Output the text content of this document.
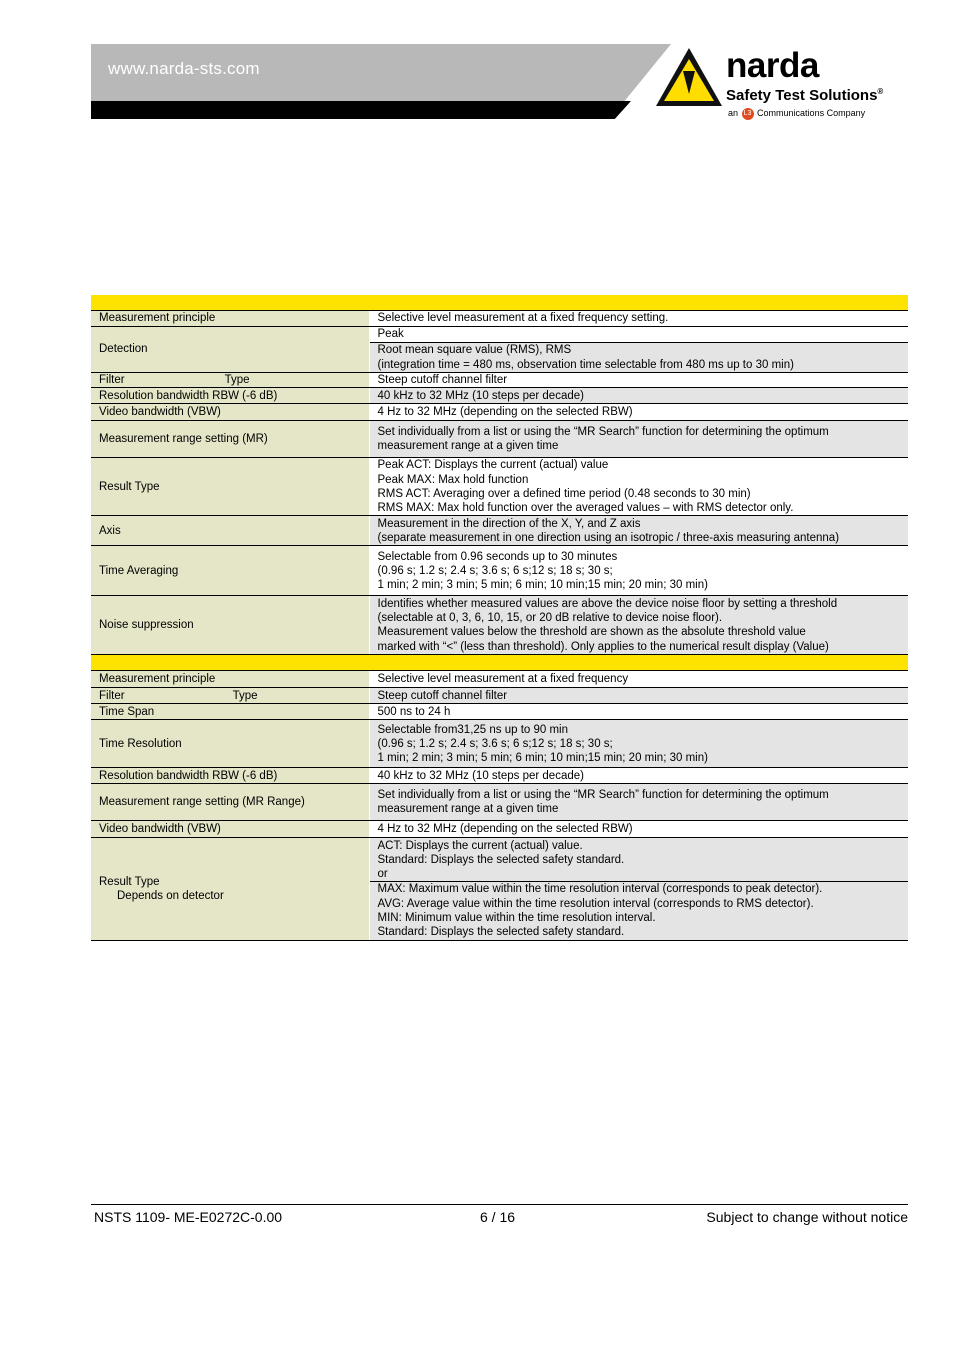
www.narda-sts.com	narda
Safety Test Solutions®
an L3 Communications Company

Measurement principle	Selective level measurement at a fixed frequency setting.

Detection	Peak

	Root mean square value (RMS), RMS
(integration time = 480 ms, observation time selectable from 480 ms up to 30 min)

Filter Type	Steep cutoff channel filter

Resolution bandwidth RBW (-6 dB)	40 kHz to 32 MHz (10 steps per decade)

Video bandwidth (VBW)	4 Hz to 32 MHz (depending on the selected RBW)

Measurement range setting (MR)	Set individually from a list or using the “MR Search” function for determining the optimum
measurement range at a given time

Result Type	Peak ACT: Displays the current (actual) value
Peak MAX: Max hold function
RMS ACT: Averaging over a defined time period (0.48 seconds to 30 min)
RMS MAX: Max hold function over the averaged values – with RMS detector only.

Axis	Measurement in the direction of the X, Y, and Z axis
(separate measurement in one direction using an isotropic / three-axis measuring antenna)

Time Averaging	Selectable from 0.96 seconds up to 30 minutes
(0.96 s; 1.2 s; 2.4 s; 3.6 s; 6 s;12 s; 18 s; 30 s;
1 min; 2 min; 3 min; 5 min; 6 min; 10 min;15 min; 20 min; 30 min)

Noise suppression	Identifies whether measured values are above the device noise floor by setting a threshold
(selectable at 0, 3, 6, 10, 15, or 20 dB relative to device noise floor).
Measurement values below the threshold are shown as the absolute threshold value
marked with “<” (less than threshold). Only applies to the numerical result display (Value)

Measurement principle	Selective level measurement at a fixed frequency

Filter Type	Steep cutoff channel filter

Time Span	500 ns to 24 h

Time Resolution	Selectable from31,25 ns up to 90 min
(0.96 s; 1.2 s; 2.4 s; 3.6 s; 6 s;12 s; 18 s; 30 s;
1 min; 2 min; 3 min; 5 min; 6 min; 10 min;15 min; 20 min; 30 min)

Resolution bandwidth RBW (-6 dB)	40 kHz to 32 MHz (10 steps per decade)

Measurement range setting (MR Range)	Set individually from a list or using the “MR Search” function for determining the optimum
measurement range at a given time

Video bandwidth (VBW)	4 Hz to 32 MHz (depending on the selected RBW)

Result Type
Depends on detector	ACT: Displays the current (actual) value.
Standard: Displays the selected safety standard.
or

	MAX: Maximum value within the time resolution interval (corresponds to peak detector).
AVG: Average value within the time resolution interval (corresponds to RMS detector).
MIN: Minimum value within the time resolution interval.
Standard: Displays the selected safety standard.
NSTS 1109- ME-E0272C-0.00	6 / 16	Subject to change without notice
